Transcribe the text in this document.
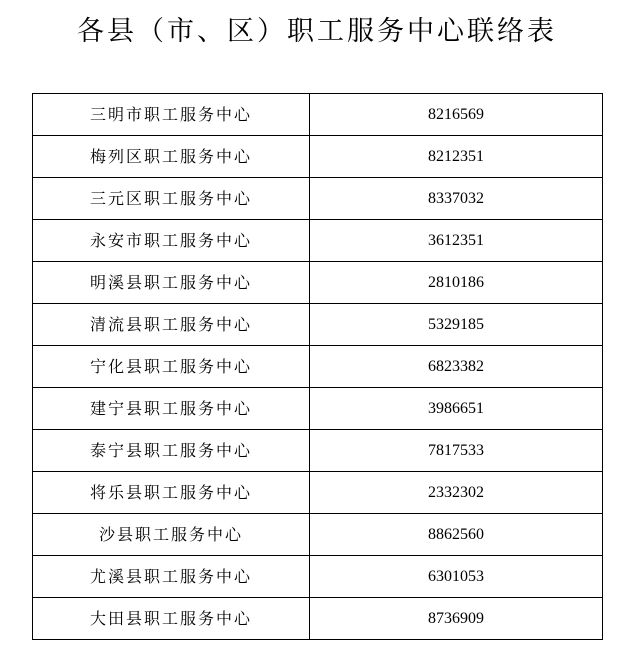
各县（市、区）职工服务中心联络表
三明市职工服务中心	8216569
梅列区职工服务中心	8212351
三元区职工服务中心	8337032
永安市职工服务中心	3612351
明溪县职工服务中心	2810186
清流县职工服务中心	5329185
宁化县职工服务中心	6823382
建宁县职工服务中心	3986651
泰宁县职工服务中心	7817533
将乐县职工服务中心	2332302
沙县职工服务中心	8862560
尤溪县职工服务中心	6301053
大田县职工服务中心	8736909
